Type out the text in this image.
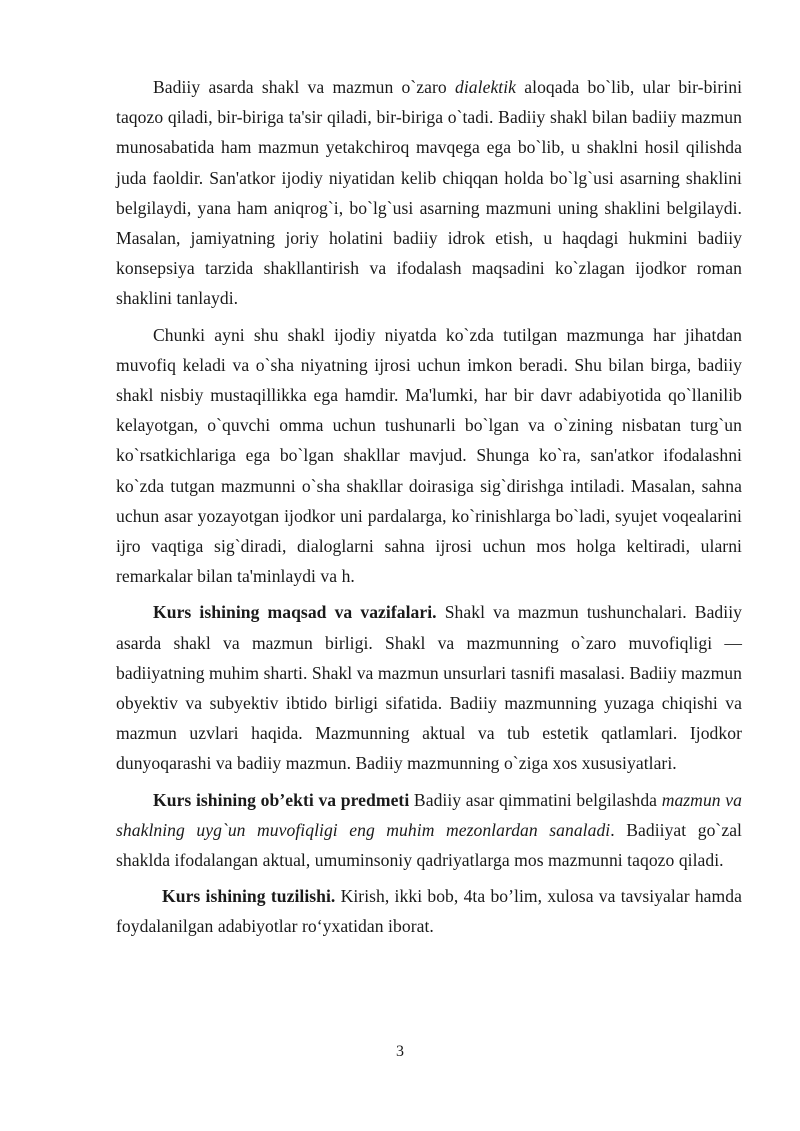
Badiiy asarda shakl va mazmun o`zaro dialektik aloqada bo`lib, ular bir-birini taqozo qiladi, bir-biriga ta'sir qiladi, bir-biriga o`tadi. Badiiy shakl bilan badiiy mazmun munosabatida ham mazmun yetakchiroq mavqega ega bo`lib, u shaklni hosil qilishda juda faoldir. San'atkor ijodiy niyatidan kelib chiqqan holda bo`lg`usi asarning shaklini belgilaydi, yana ham aniqrog`i, bo`lg`usi asarning mazmuni uning shaklini belgilaydi. Masalan, jamiyatning joriy holatini badiiy idrok etish, u haqdagi hukmini badiiy konsepsiya tarzida shakllantirish va ifodalash maqsadini ko`zlagan ijodkor roman shaklini tanlaydi.

Chunki ayni shu shakl ijodiy niyatda ko`zda tutilgan mazmunga har jihatdan muvofiq keladi va o`sha niyatning ijrosi uchun imkon beradi. Shu bilan birga, badiiy shakl nisbiy mustaqillikka ega hamdir. Ma'lumki, har bir davr adabiyotida qo`llanilib kelayotgan, o`quvchi omma uchun tushunarli bo`lgan va o`zining nisbatan turg`un ko`rsatkichlariga ega bo`lgan shakllar mavjud. Shunga ko`ra, san'atkor ifodalashni ko`zda tutgan mazmunni o`sha shakllar doirasiga sig`dirishga intiladi. Masalan, sahna uchun asar yozayotgan ijodkor uni pardalarga, ko`rinishlarga bo`ladi, syujet voqealarini ijro vaqtiga sig`diradi, dialoglarni sahna ijrosi uchun mos holga keltiradi, ularni remarkalar bilan ta'minlaydi va h.

Kurs ishining maqsad va vazifalari. Shakl va mazmun tushunchalari. Badiiy asarda shakl va mazmun birligi. Shakl va mazmunning o`zaro muvofiqligi — badiiyatning muhim sharti. Shakl va mazmun unsurlari tasnifi masalasi. Badiiy mazmun obyektiv va subyektiv ibtido birligi sifatida. Badiiy mazmunning yuzaga chiqishi va mazmun uzvlari haqida. Mazmunning aktual va tub estetik qatlamlari. Ijodkor dunyoqarashi va badiiy mazmun. Badiiy mazmunning o`ziga xos xususiyatlari.

Kurs ishining ob’ekti va predmeti Badiiy asar qimmatini belgilashda mazmun va shaklning uyg`un muvofiqligi eng muhim mezonlardan sanaladi. Badiiyat go`zal shaklda ifodalangan aktual, umuminsoniy qadriyatlarga mos mazmunni taqozo qiladi.

Kurs ishining tuzilishi. Kirish, ikki bob, 4ta bo’lim, xulosa va tavsiyalar hamda foydalanilgan adabiyotlar ro‘yxatidan iborat.

3
